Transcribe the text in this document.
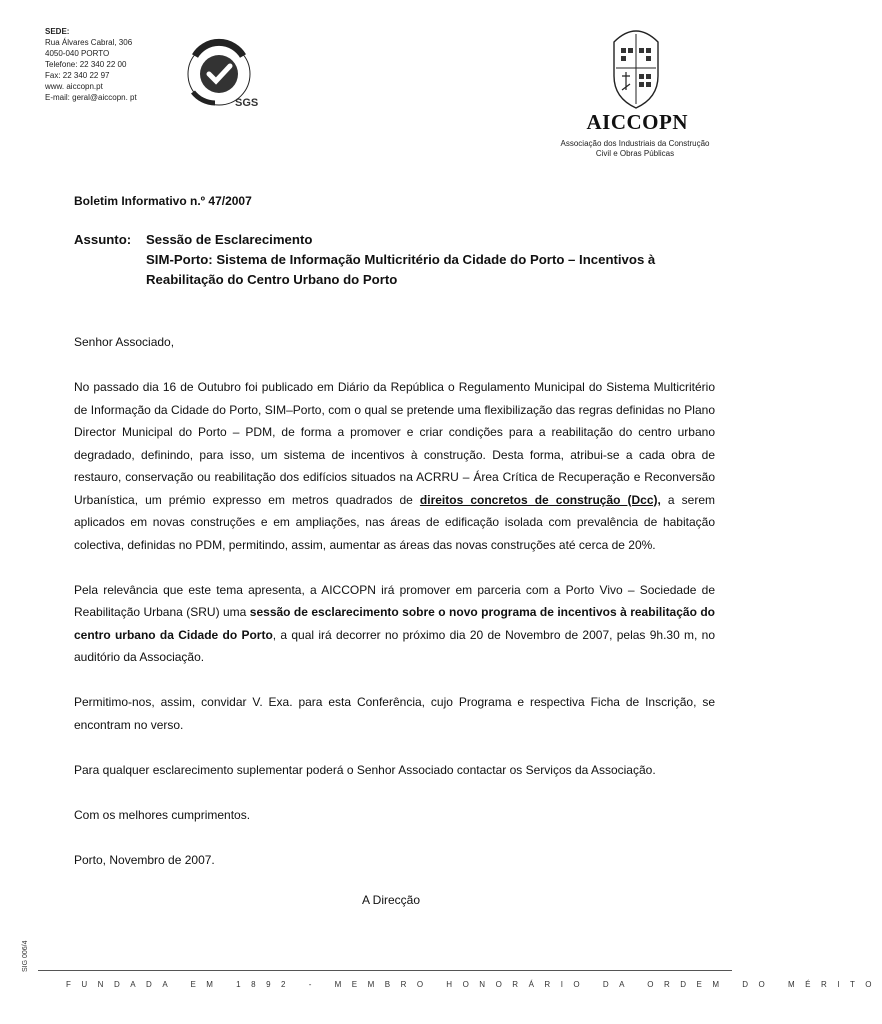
SEDE:
Rua Álvares Cabral, 306
4050-040 PORTO
Telefone: 22 340 22 00
Fax: 22 340 22 97
www. aiccopn.pt
E-mail: geral@aiccopn. pt	SGS
AICCOPN
Associação dos Industriais da Construção
Civil e Obras Públicas
Boletim Informativo n.º 47/2007
Assunto: Sessão de Esclarecimento
SIM-Porto: Sistema de Informação Multicritério da Cidade do Porto – Incentivos à Reabilitação do Centro Urbano do Porto

Senhor Associado,

No passado dia 16 de Outubro foi publicado em Diário da República o Regulamento Municipal do Sistema Multicritério de Informação da Cidade do Porto, SIM–Porto, com o qual se pretende uma flexibilização das regras definidas no Plano Director Municipal do Porto – PDM, de forma a promover e criar condições para a reabilitação do centro urbano degradado, definindo, para isso, um sistema de incentivos à construção. Desta forma, atribui-se a cada obra de restauro, conservação ou reabilitação dos edifícios situados na ACRRU – Área Crítica de Recuperação e Reconversão Urbanística, um prémio expresso em metros quadrados de direitos concretos de construção (Dcc), a serem aplicados em novas construções e em ampliações, nas áreas de edificação isolada com prevalência de habitação colectiva, definidas no PDM, permitindo, assim, aumentar as áreas das novas construções até cerca de 20%.

Pela relevância que este tema apresenta, a AICCOPN irá promover em parceria com a Porto Vivo – Sociedade de Reabilitação Urbana (SRU) uma sessão de esclarecimento sobre o novo programa de incentivos à reabilitação do centro urbano da Cidade do Porto, a qual irá decorrer no próximo dia 20 de Novembro de 2007, pelas 9h.30 m, no auditório da Associação.

Permitimo-nos, assim, convidar V. Exa. para esta Conferência, cujo Programa e respectiva Ficha de Inscrição, se encontram no verso.

Para qualquer esclarecimento suplementar poderá o Senhor Associado contactar os Serviços da Associação.

Com os melhores cumprimentos.

Porto, Novembro de 2007.

A Direcção
SIG 006/4
FUNDADA EM 1892 - MEMBRO HONORÁRIO DA ORDEM DO MÉRITO
